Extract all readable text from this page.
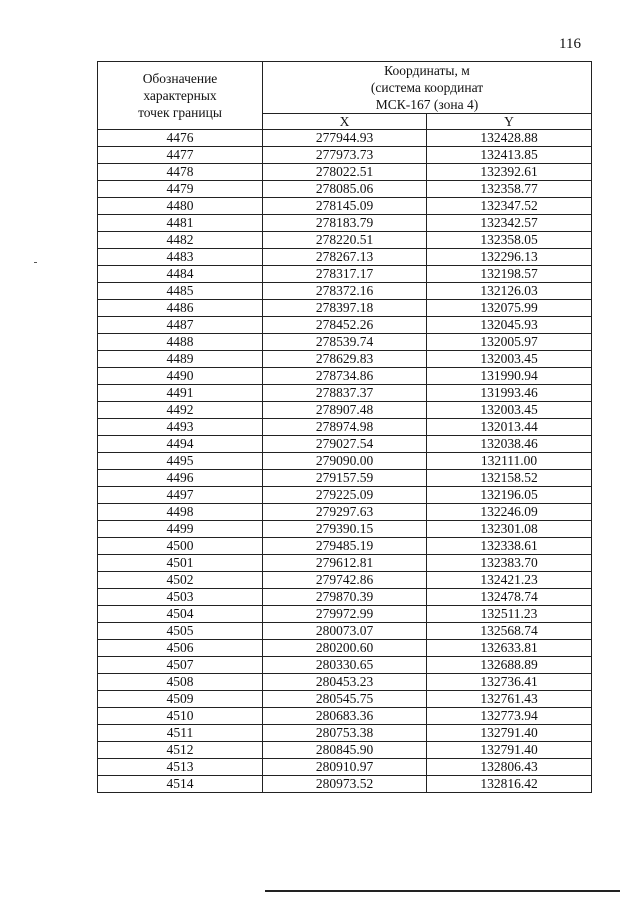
116
Обозначение
характерных
точек границы	Координаты, м
(система координат
МСК-167 (зона 4)	

	X	Y
4476	277944.93	132428.88
4477	277973.73	132413.85
4478	278022.51	132392.61
4479	278085.06	132358.77
4480	278145.09	132347.52
4481	278183.79	132342.57
4482	278220.51	132358.05
4483	278267.13	132296.13
4484	278317.17	132198.57
4485	278372.16	132126.03
4486	278397.18	132075.99
4487	278452.26	132045.93
4488	278539.74	132005.97
4489	278629.83	132003.45
4490	278734.86	131990.94
4491	278837.37	131993.46
4492	278907.48	132003.45
4493	278974.98	132013.44
4494	279027.54	132038.46
4495	279090.00	132111.00
4496	279157.59	132158.52
4497	279225.09	132196.05
4498	279297.63	132246.09
4499	279390.15	132301.08
4500	279485.19	132338.61
4501	279612.81	132383.70
4502	279742.86	132421.23
4503	279870.39	132478.74
4504	279972.99	132511.23
4505	280073.07	132568.74
4506	280200.60	132633.81
4507	280330.65	132688.89
4508	280453.23	132736.41
4509	280545.75	132761.43
4510	280683.36	132773.94
4511	280753.38	132791.40
4512	280845.90	132791.40
4513	280910.97	132806.43
4514	280973.52	132816.42
